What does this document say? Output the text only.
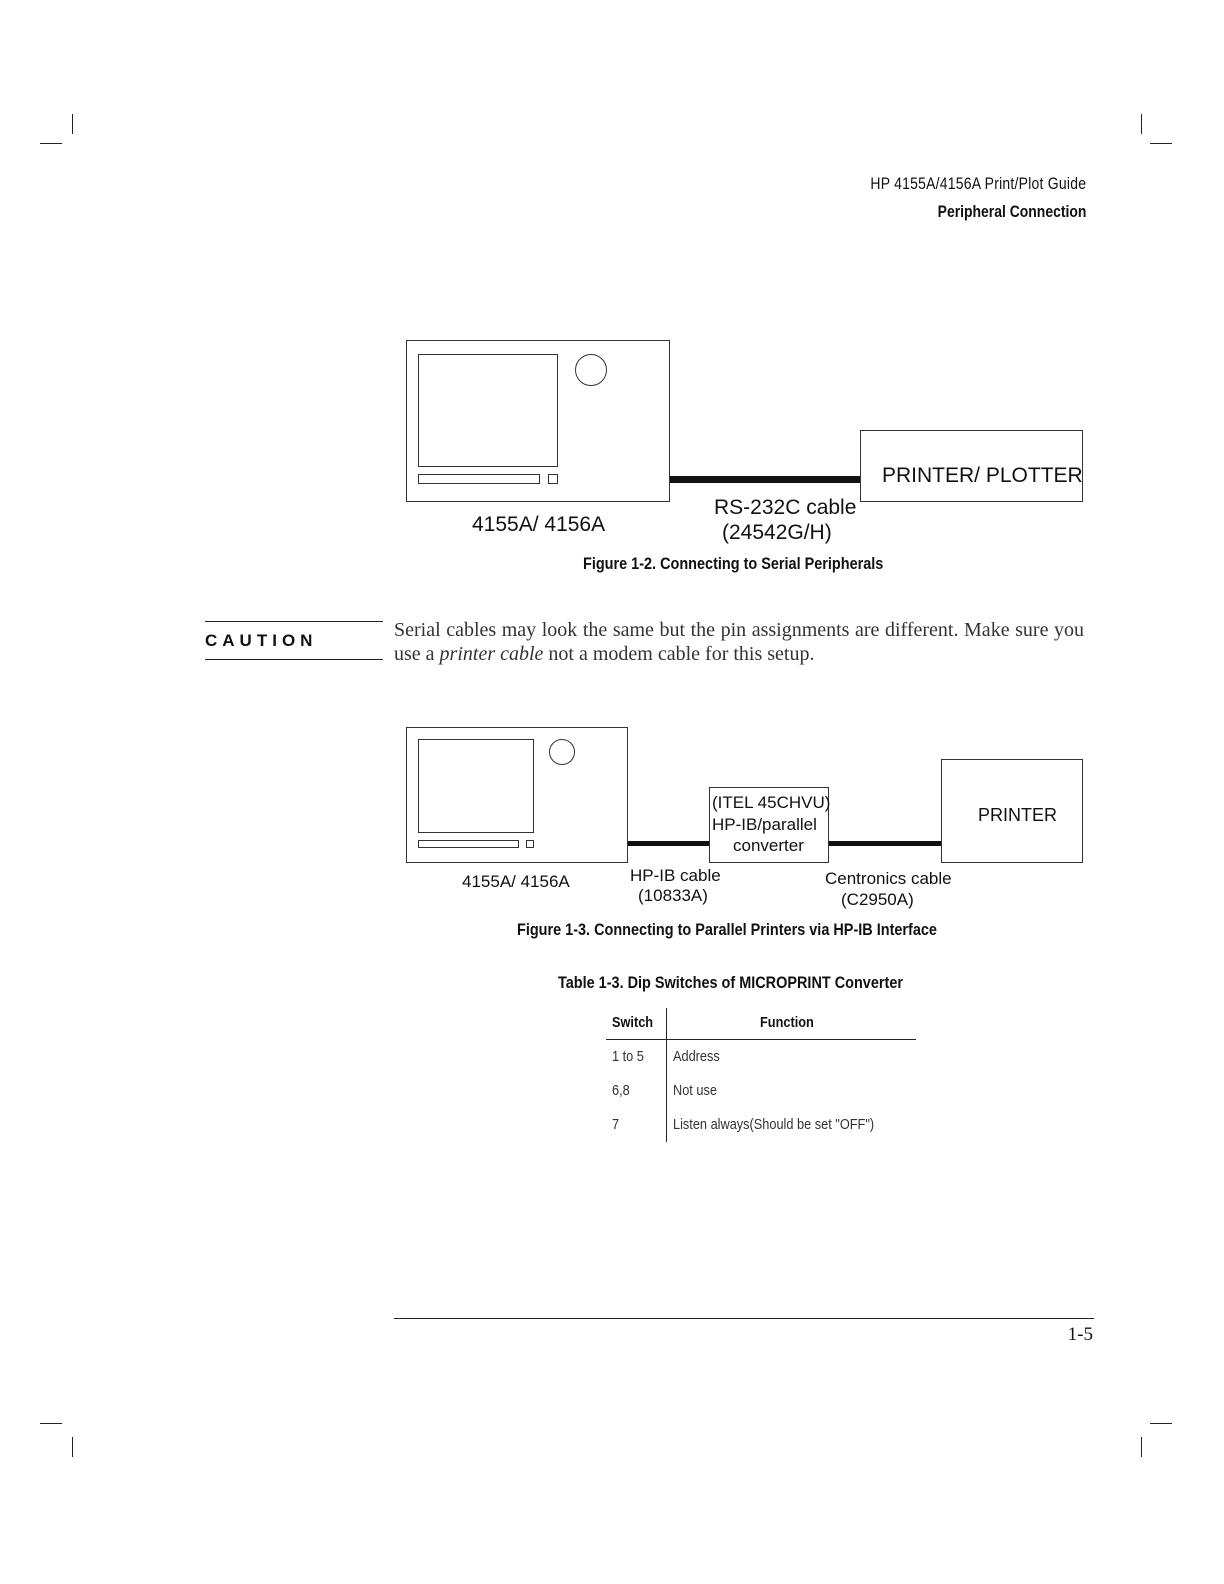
HP 4155A/4156A Print/Plot Guide
Peripheral Connection
PRINTER/ PLOTTER
4155A/ 4156A
RS-232C cable
(24542G/H)
Figure 1-2. Connecting to Serial Peripherals
CAUTION	Serial cables may look the same but the pin assignments are different. Make sure you use a printer cable not a modem cable for this setup.
(ITEL 45CHVU)
HP-IB/parallel
converter
PRINTER
4155A/ 4156A	HP-IB cable
(10833A)
Centronics cable
(C2950A)
Figure 1-3. Connecting to Parallel Printers via HP-IB Interface
Table 1-3. Dip Switches of MICROPRINT Converter
Switch	Function
1 to 5	Address
6,8	Not use
7	Listen always(Should be set "OFF")
1-5
